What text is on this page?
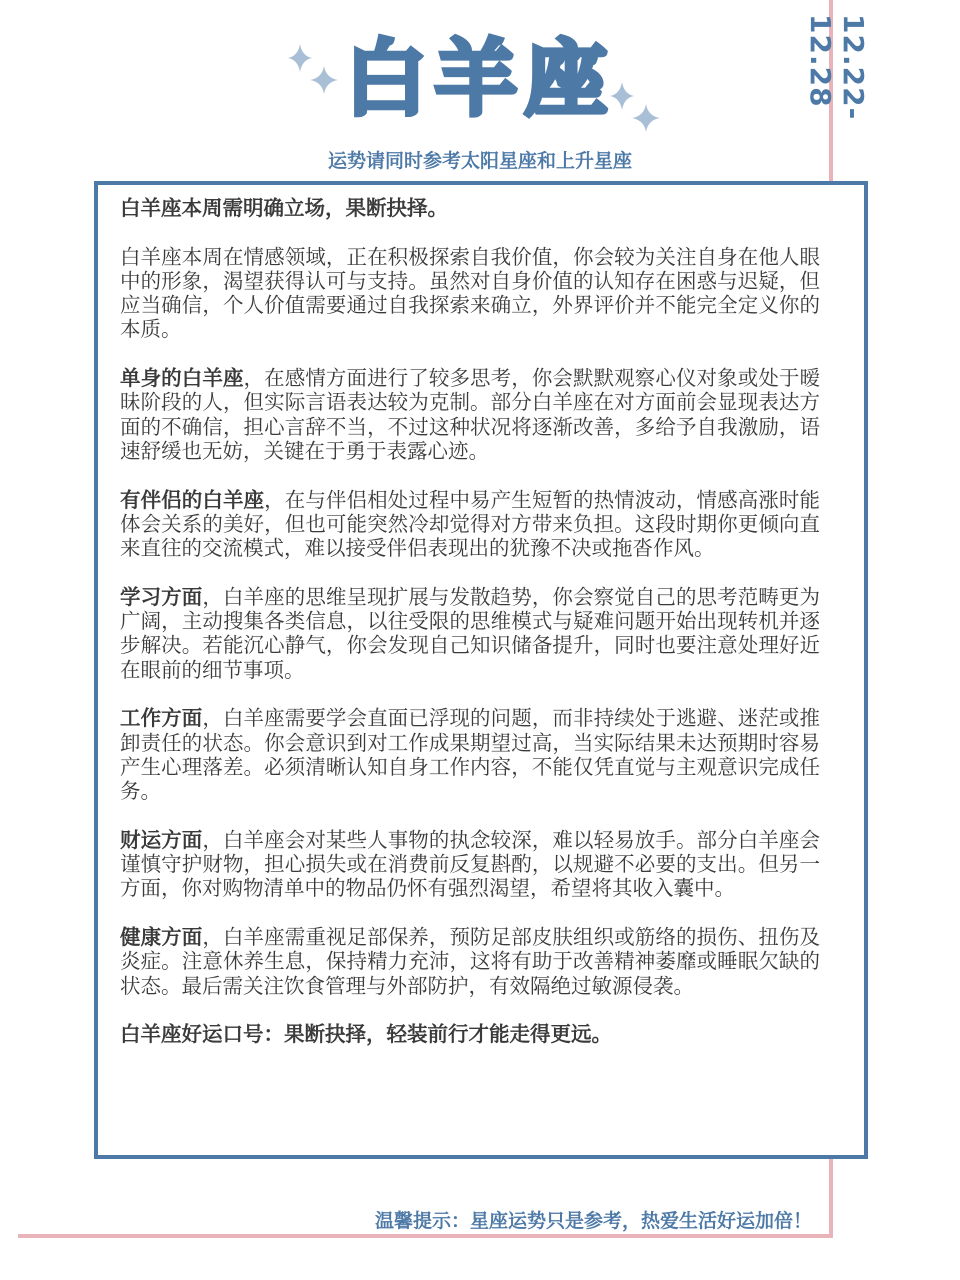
12.22-12.28
白羊座
运势请同时参考太阳星座和上升星座

白羊座本周需明确立场，果断抉择。

白羊座本周在情感领域，正在积极探索自我价值，你会较为关注自身在他人眼中的形象，渴望获得认可与支持。虽然对自身价值的认知存在困惑与迟疑，但应当确信，个人价值需要通过自我探索来确立，外界评价并不能完全定义你的本质。

单身的白羊座，在感情方面进行了较多思考，你会默默观察心仪对象或处于暧昧阶段的人，但实际言语表达较为克制。部分白羊座在对方面前会显现表达方面的不确信，担心言辞不当，不过这种状况将逐渐改善，多给予自我激励，语速舒缓也无妨，关键在于勇于表露心迹。

有伴侣的白羊座，在与伴侣相处过程中易产生短暂的热情波动，情感高涨时能体会关系的美好，但也可能突然冷却觉得对方带来负担。这段时期你更倾向直来直往的交流模式，难以接受伴侣表现出的犹豫不决或拖沓作风。

学习方面，白羊座的思维呈现扩展与发散趋势，你会察觉自己的思考范畴更为广阔，主动搜集各类信息，以往受限的思维模式与疑难问题开始出现转机并逐步解决。若能沉心静气，你会发现自己知识储备提升，同时也要注意处理好近在眼前的细节事项。

工作方面，白羊座需要学会直面已浮现的问题，而非持续处于逃避、迷茫或推卸责任的状态。你会意识到对工作成果期望过高，当实际结果未达预期时容易产生心理落差。必须清晰认知自身工作内容，不能仅凭直觉与主观意识完成任务。

财运方面，白羊座会对某些人事物的执念较深，难以轻易放手。部分白羊座会谨慎守护财物，担心损失或在消费前反复斟酌，以规避不必要的支出。但另一方面，你对购物清单中的物品仍怀有强烈渴望，希望将其收入囊中。

健康方面，白羊座需重视足部保养，预防足部皮肤组织或筋络的损伤、扭伤及炎症。注意休养生息，保持精力充沛，这将有助于改善精神萎靡或睡眠欠缺的状态。最后需关注饮食管理与外部防护，有效隔绝过敏源侵袭。

白羊座好运口号：果断抉择，轻装前行才能走得更远。

温馨提示：星座运势只是参考，热爱生活好运加倍！
